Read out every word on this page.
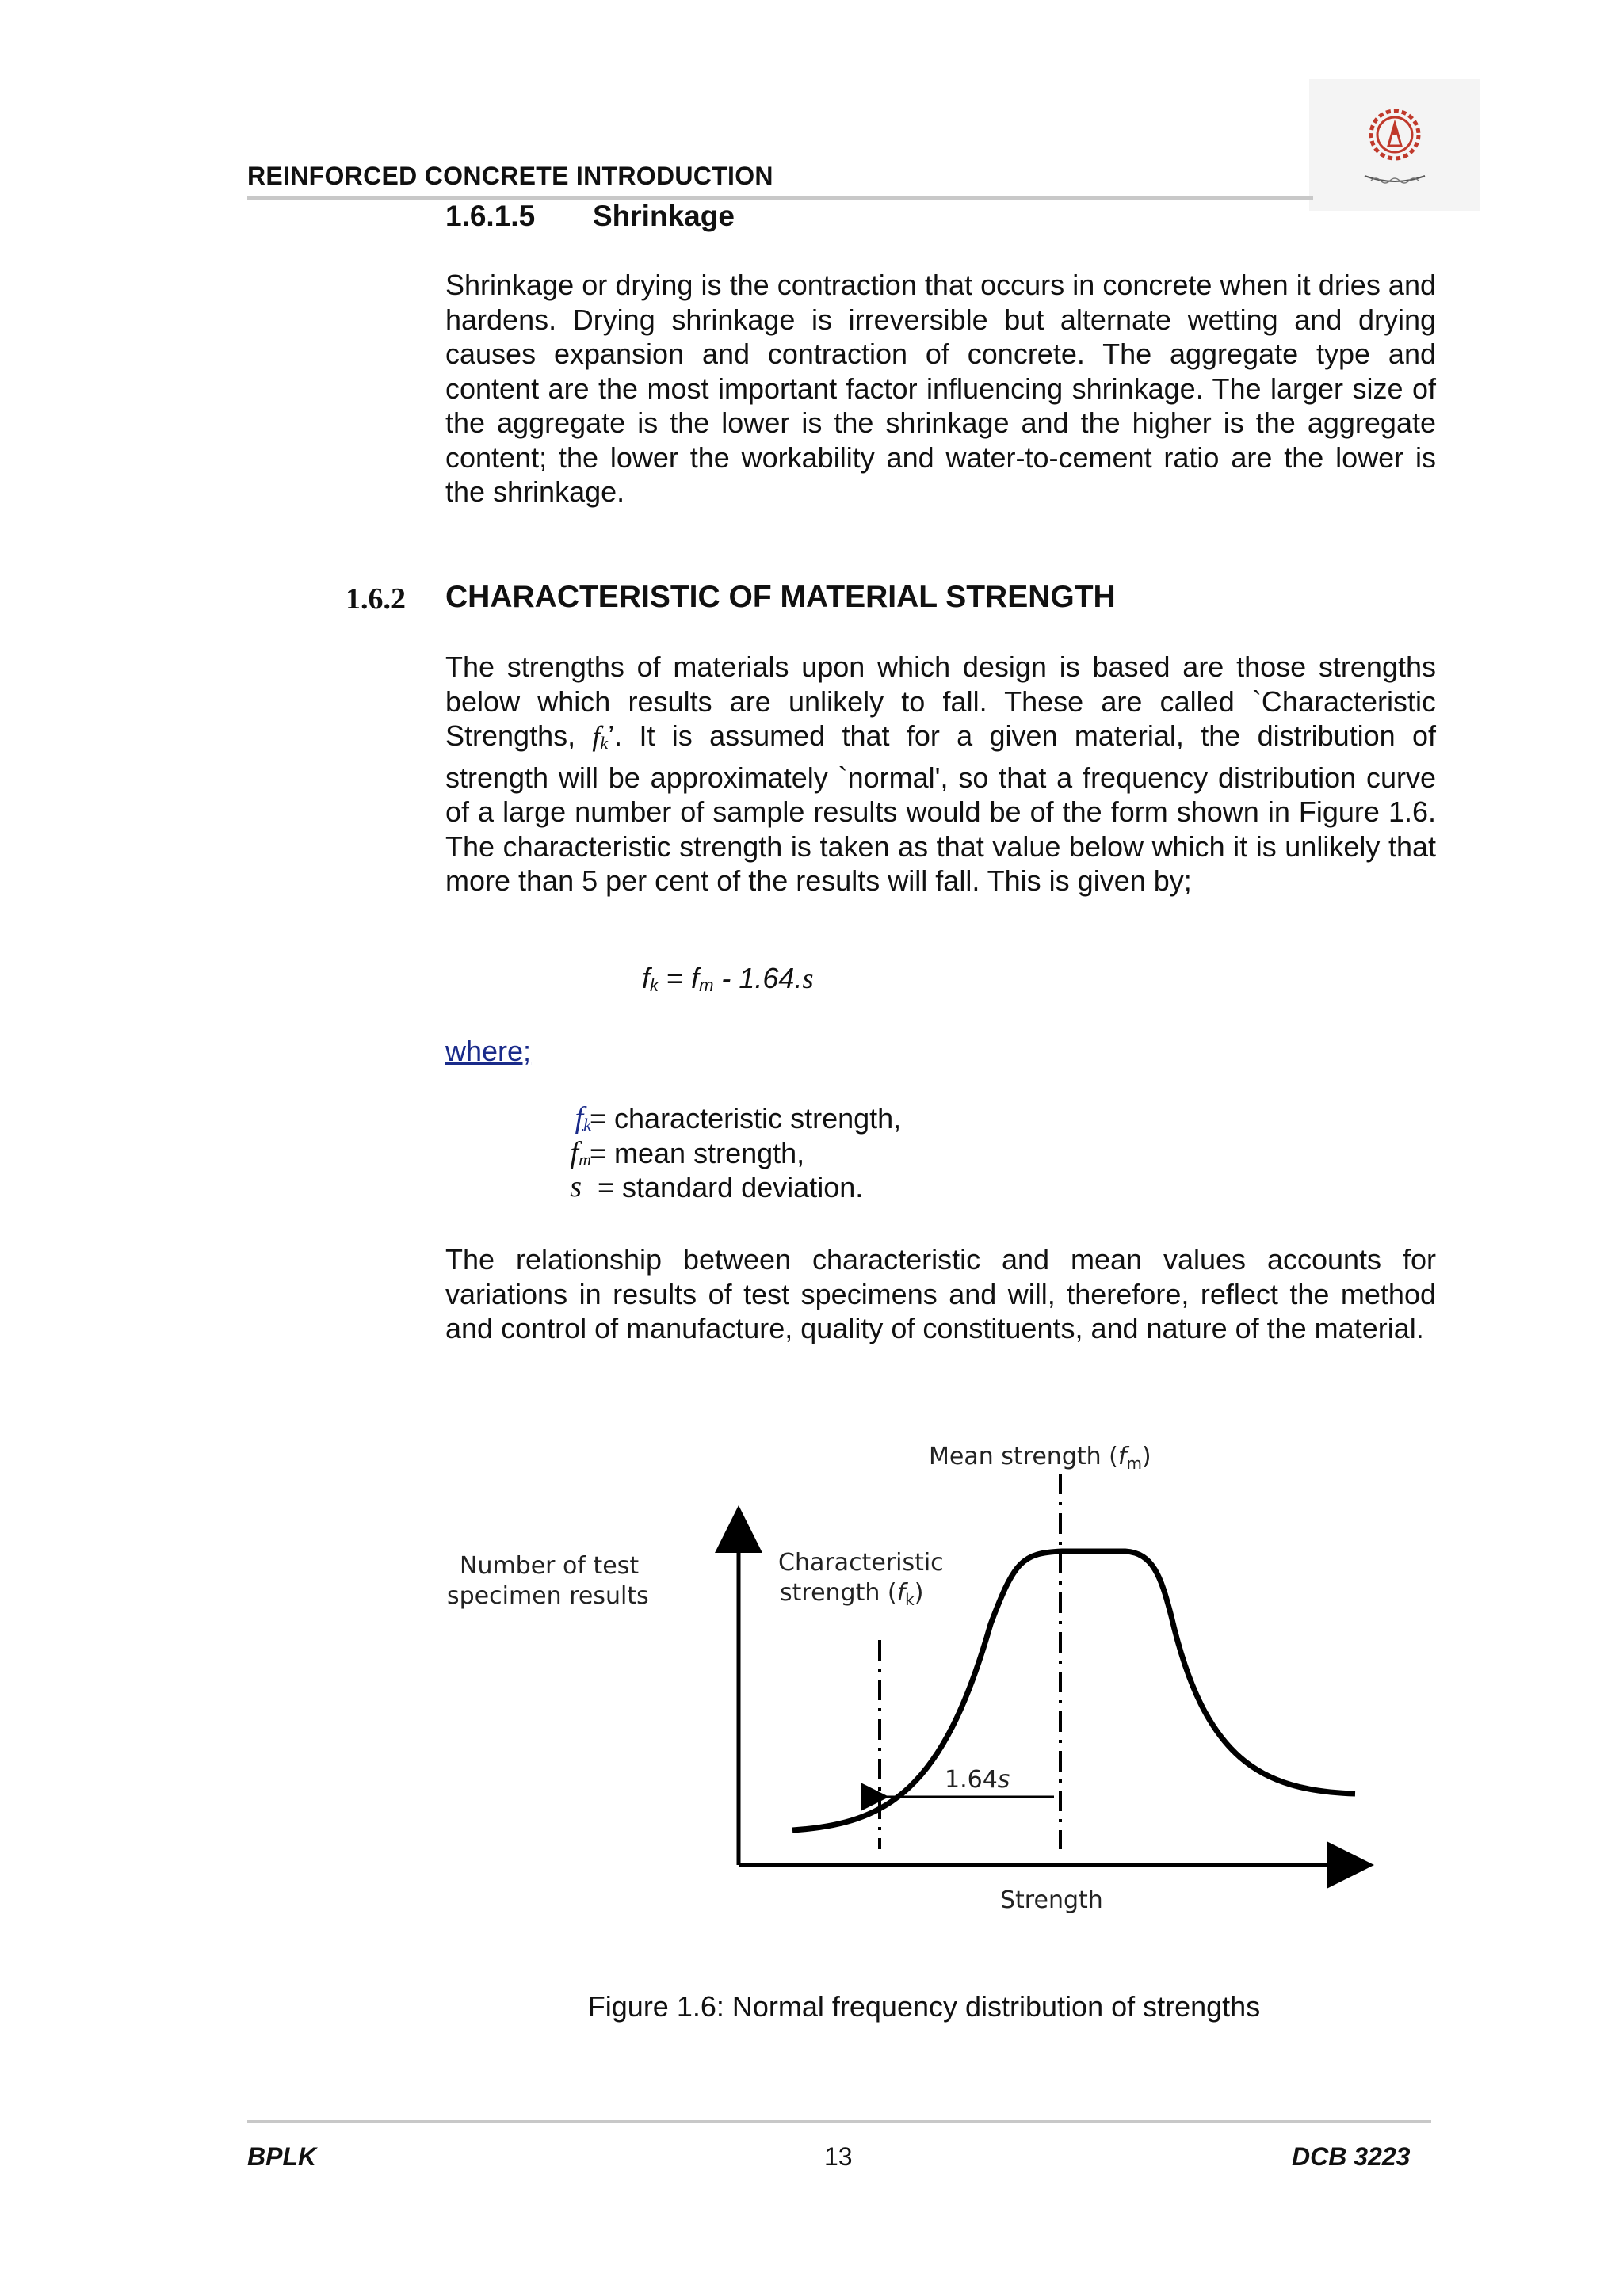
REINFORCED CONCRETE INTRODUCTION
1.6.1.5 Shrinkage
Shrinkage or drying is the contraction that occurs in concrete when it dries and hardens. Drying shrinkage is irreversible but alternate wetting and drying causes expansion and contraction of concrete. The aggregate type and content are the most important factor influencing shrinkage. The larger size of the aggregate is the lower is the shrinkage and the higher is the aggregate content; the lower the workability and water-to-cement ratio are the lower is the shrinkage.
1.6.2 CHARACTERISTIC OF MATERIAL STRENGTH
The strengths of materials upon which design is based are those strengths below which results are unlikely to fall. These are called `Characteristic Strengths, $f_k$’. It is assumed that for a given material, the distribution of strength will be approximately `normal', so that a frequency distribution curve of a large number of sample results would be of the form shown in Figure 1.6. The characteristic strength is taken as that value below which it is unlikely that more than 5 per cent of the results will fall. This is given by;
$f_k = f_m - 1.64.s$
where;
$f_k$
= characteristic strength,
$f_m$
= mean strength,
s = standard deviation.
The relationship between characteristic and mean values accounts for variations in results of test specimens and will, therefore, reflect the method and control of manufacture, quality of constituents, and nature of the material.
Number of test
specimen results
Characteristic
strength $(f_k)$
Mean strength $(f_m)$
1.64s
Strength
Figure 1.6: Normal frequency distribution of strengths
BPLK	13	DCB 3223
